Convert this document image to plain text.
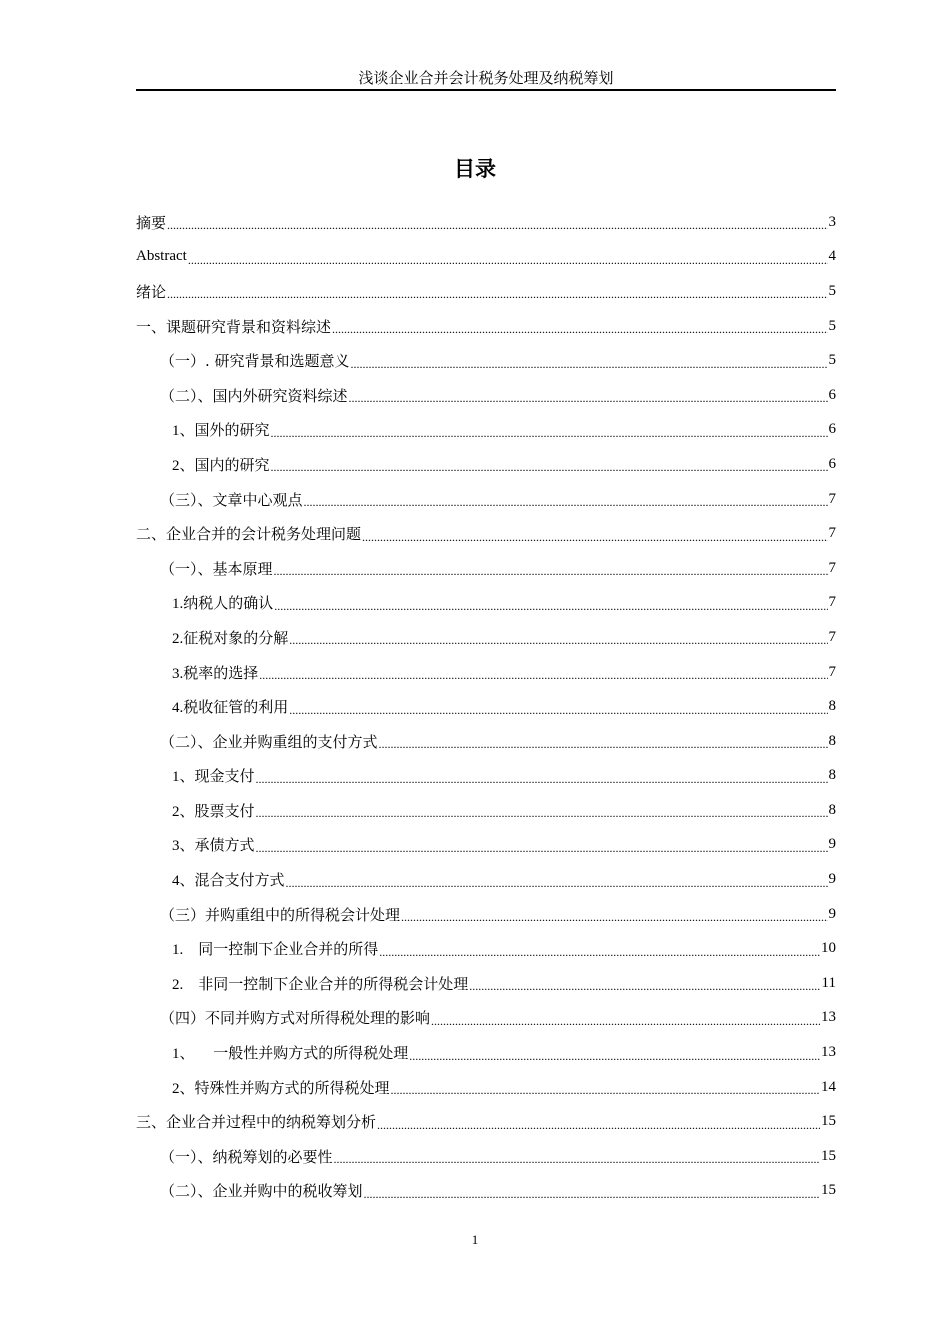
浅谈企业合并会计税务处理及纳税筹划
目录
摘要 .....	3
Abstract .....	4
绪论 .....	5
一、课题研究背景和资料综述 .....	5
（一）. 研究背景和选题意义 .....	5
（二）、国内外研究资料综述 .....	6
1、国外的研究 .....	6
2、国内的研究 .....	6
（三）、文章中心观点 .....	7
二、企业合并的会计税务处理问题 .....	7
（一）、基本原理 .....	7
1.纳税人的确认 .....	7
2.征税对象的分解 .....	7
3.税率的选择 .....	7
4.税收征管的利用 .....	8
（二）、企业并购重组的支付方式 .....	8
1、现金支付 .....	8
2、股票支付 .....	8
3、承债方式 .....	9
4、混合支付方式 .....	9
（三）并购重组中的所得税会计处理 .....	9
1.    同一控制下企业合并的所得 .....	10
2.    非同一控制下企业合并的所得税会计处理 .....	11
（四）不同并购方式对所得税处理的影响 .....	13
1、     一般性并购方式的所得税处理 .....	13
2、特殊性并购方式的所得税处理 .....	14
三、企业合并过程中的纳税筹划分析 .....	15
（一）、纳税筹划的必要性 .....	15
（二）、企业并购中的税收筹划 .....	15
1
